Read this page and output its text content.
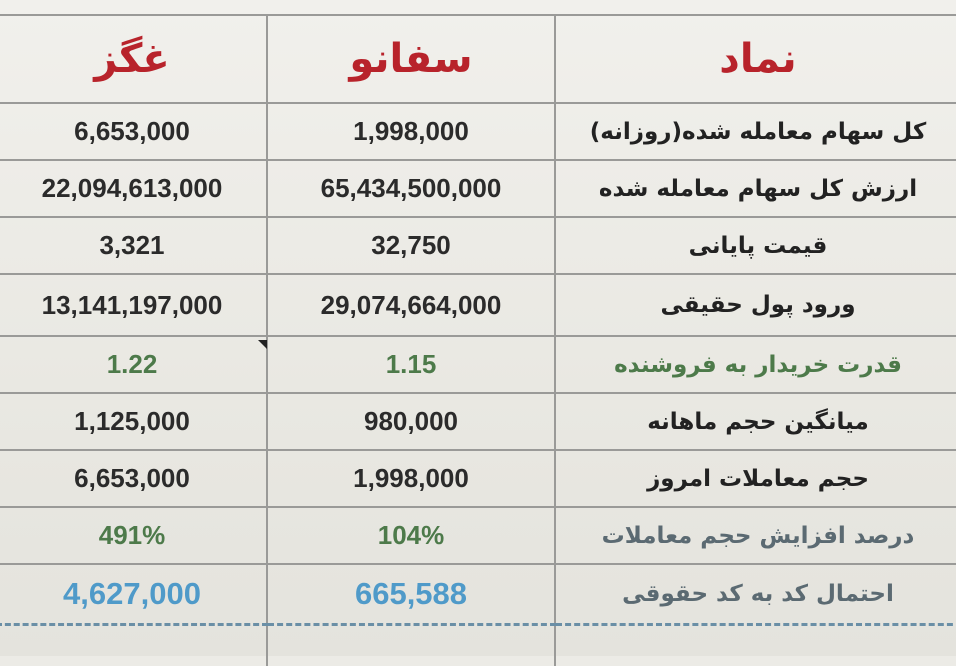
غگز	سفانو	نماد
6,653,000	1,998,000	کل سهام معامله شده(روزانه)

22,094,613,000	65,434,500,000	ارزش کل سهام معامله شده

3,321	32,750	قیمت پایانی

13,141,197,000	29,074,664,000	ورود پول حقیقی

1.22	1.15	قدرت خریدار به فروشنده

1,125,000	980,000	میانگین حجم ماهانه

6,653,000	1,998,000	حجم معاملات امروز

491%	104%	درصد افزایش حجم معاملات

4,627,000	665,588	احتمال کد به کد حقوقی
